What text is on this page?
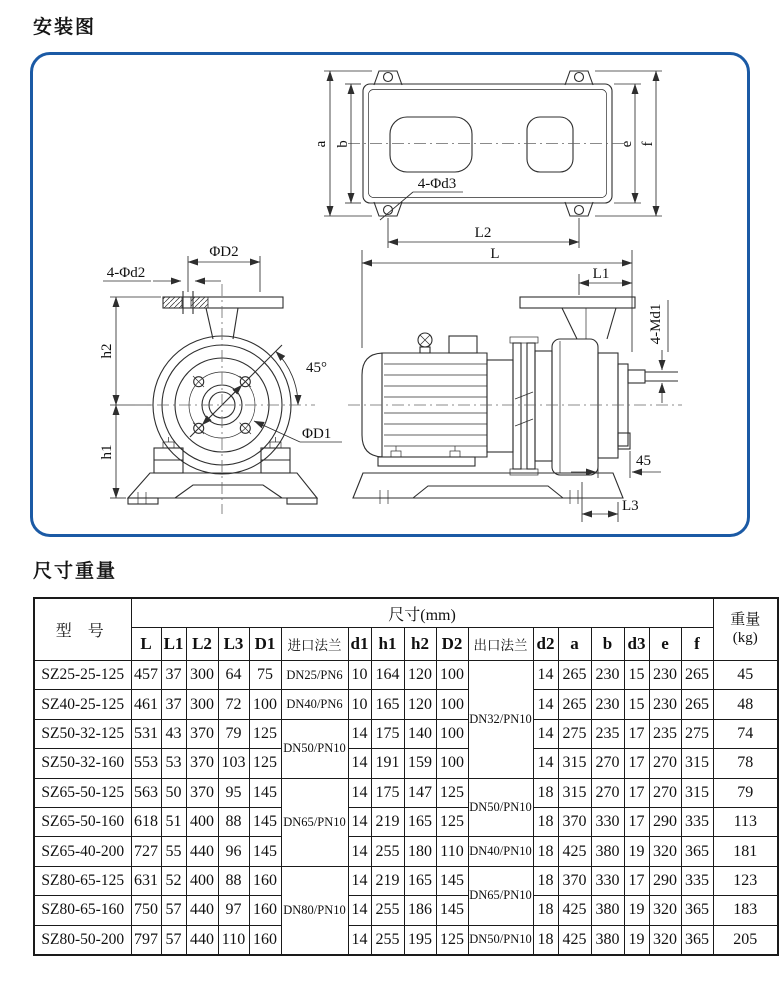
安装图
a b	e f
4-Φd3
L2
L
L1
ΦD2
4-Φd2
45°
ΦD1
h2
h1
4-Md1
45
L3
尺寸重量
型 号	尺寸(mm)																	重量
(kg)

	L	L1	L2	L3	D1	进口法兰	d1	h1	h2	D2	出口法兰	d2	a	b	d3	e	f	
SZ25-25-125	457	37	300	64	75	DN25/PN6	10	164	120	100	DN32/PN10	14	265	230	15	230	265	45
SZ40-25-125	461	37	300	72	100	DN40/PN6	10	165	120	100		14	265	230	15	230	265	48
SZ50-32-125	531	43	370	79	125	DN50/PN10	14	175	140	100		14	275	235	17	235	275	74
SZ50-32-160	553	53	370	103	125		14	191	159	100		14	315	270	17	270	315	78
SZ65-50-125	563	50	370	95	145	DN65/PN10	14	175	147	125	DN50/PN10	18	315	270	17	270	315	79
SZ65-50-160	618	51	400	88	145		14	219	165	125		18	370	330	17	290	335	113
SZ65-40-200	727	55	440	96	145		14	255	180	110	DN40/PN10	18	425	380	19	320	365	181
SZ80-65-125	631	52	400	88	160	DN80/PN10	14	219	165	145	DN65/PN10	18	370	330	17	290	335	123
SZ80-65-160	750	57	440	97	160		14	255	186	145		18	425	380	19	320	365	183
SZ80-50-200	797	57	440	110	160		14	255	195	125	DN50/PN10	18	425	380	19	320	365	205
